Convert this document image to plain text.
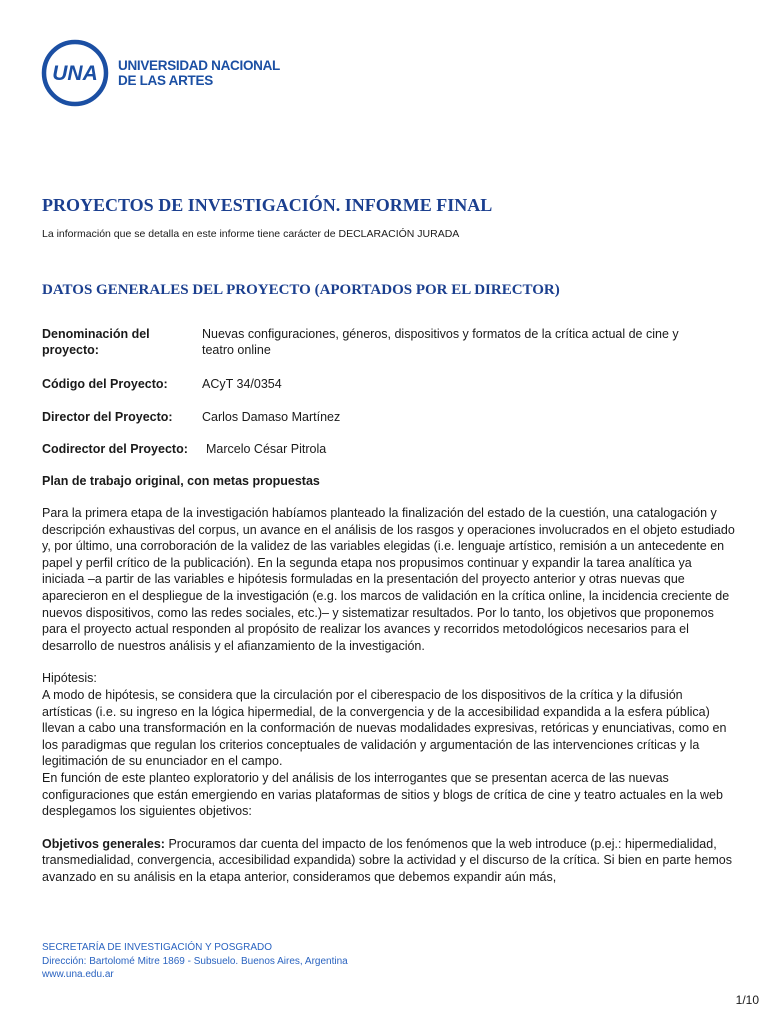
UNA UNIVERSIDAD NACIONAL
DE LAS ARTES
PROYECTOS DE INVESTIGACIÓN. INFORME FINAL
La información que se detalla en este informe tiene carácter de DECLARACIÓN JURADA
DATOS GENERALES DEL PROYECTO (APORTADOS POR EL DIRECTOR)
Denominación del proyecto:
Nuevas configuraciones, géneros, dispositivos y formatos de la crítica actual de cine y teatro online
Código del Proyecto:	ACyT 34/0354
Director del Proyecto:	Carlos Damaso Martínez
Codirector del Proyecto:	Marcelo César Pitrola
Plan de trabajo original, con metas propuestas

Para la primera etapa de la investigación habíamos planteado la finalización del estado de la cuestión, una catalogación y descripción exhaustivas del corpus, un avance en el análisis de los rasgos y operaciones involucrados en el objeto estudiado y, por último, una corroboración de la validez de las variables elegidas (i.e. lenguaje artístico, remisión a un antecedente en papel y perfil crítico de la publicación). En la segunda etapa nos propusimos continuar y expandir la tarea analítica ya iniciada –a partir de las variables e hipótesis formuladas en la presentación del proyecto anterior y otras nuevas que aparecieron en el despliegue de la investigación (e.g. los marcos de validación en la crítica online, la incidencia creciente de nuevos dispositivos, como las redes sociales, etc.)– y sistematizar resultados. Por lo tanto, los objetivos que proponemos para el proyecto actual responden al propósito de realizar los avances y recorridos metodológicos necesarios para el desarrollo de nuestros análisis y el afianzamiento de la investigación.

Hipótesis:

A modo de hipótesis, se considera que la circulación por el ciberespacio de los dispositivos de la crítica y la difusión artísticas (i.e. su ingreso en la lógica hipermedial, de la convergencia y de la accesibilidad expandida a la esfera pública) llevan a cabo una transformación en la conformación de nuevas modalidades expresivas, retóricas y enunciativas, como en los paradigmas que regulan los criterios conceptuales de validación y argumentación de las intervenciones críticas y la legitimación de su enunciador en el campo.

En función de este planteo exploratorio y del análisis de los interrogantes que se presentan acerca de las nuevas configuraciones que están emergiendo en varias plataformas de sitios y blogs de crítica de cine y teatro actuales en la web desplegamos los siguientes objetivos:

Objetivos generales: Procuramos dar cuenta del impacto de los fenómenos que la web introduce (p.ej.: hipermedialidad, transmedialidad, convergencia, accesibilidad expandida) sobre la actividad y el discurso de la crítica. Si bien en parte hemos avanzado en su análisis en la etapa anterior, consideramos que debemos expandir aún más,

SECRETARÍA DE INVESTIGACIÓN Y POSGRADO
Dirección: Bartolomé Mitre 1869 - Subsuelo. Buenos Aires, Argentina
www.una.edu.ar
1/10
